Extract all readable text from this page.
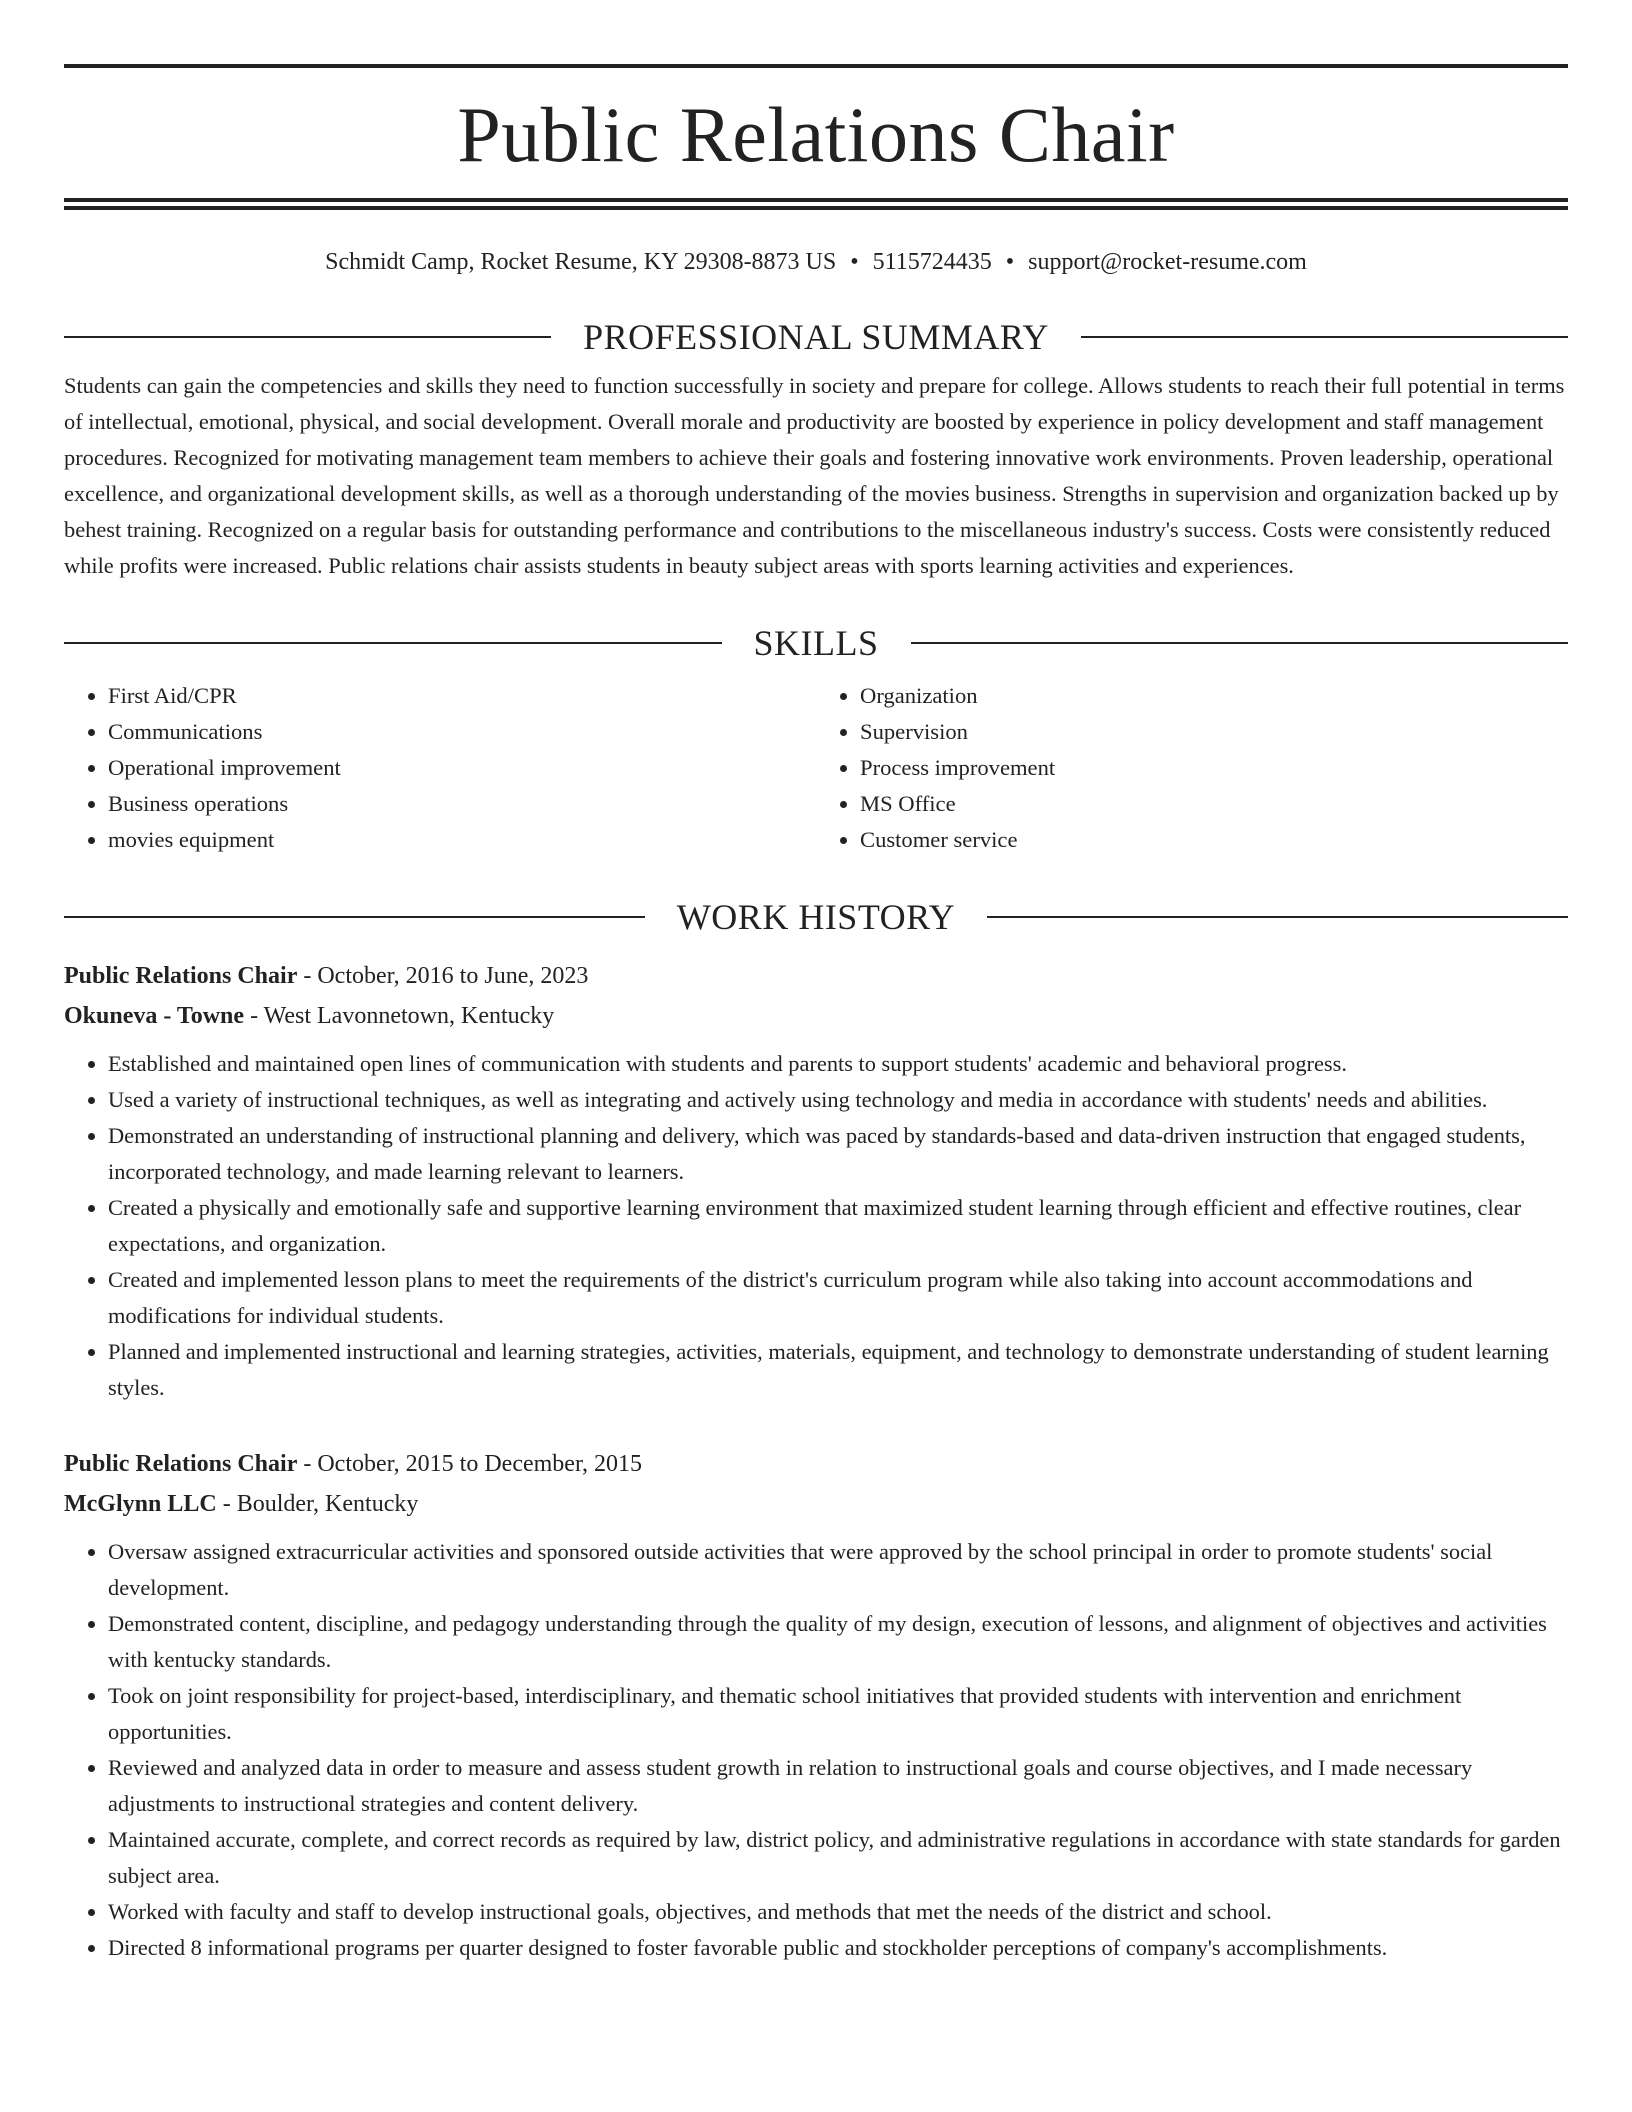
Public Relations Chair
Schmidt Camp, Rocket Resume, KY 29308-8873 US • 5115724435 • support@rocket-resume.com
PROFESSIONAL SUMMARY
Students can gain the competencies and skills they need to function successfully in society and prepare for college. Allows students to reach their full potential in terms of intellectual, emotional, physical, and social development. Overall morale and productivity are boosted by experience in policy development and staff management procedures. Recognized for motivating management team members to achieve their goals and fostering innovative work environments. Proven leadership, operational excellence, and organizational development skills, as well as a thorough understanding of the movies business. Strengths in supervision and organization backed up by behest training. Recognized on a regular basis for outstanding performance and contributions to the miscellaneous industry's success. Costs were consistently reduced while profits were increased. Public relations chair assists students in beauty subject areas with sports learning activities and experiences.
SKILLS
• First Aid/CPR
• Communications
• Operational improvement
• Business operations
• movies equipment
• Organization
• Supervision
• Process improvement
• MS Office
• Customer service
WORK HISTORY
Public Relations Chair - October, 2016 to June, 2023
Okuneva - Towne - West Lavonnetown, Kentucky
• Established and maintained open lines of communication with students and parents to support students' academic and behavioral progress.
• Used a variety of instructional techniques, as well as integrating and actively using technology and media in accordance with students' needs and abilities.
• Demonstrated an understanding of instructional planning and delivery, which was paced by standards-based and data-driven instruction that engaged students, incorporated technology, and made learning relevant to learners.
• Created a physically and emotionally safe and supportive learning environment that maximized student learning through efficient and effective routines, clear expectations, and organization.
• Created and implemented lesson plans to meet the requirements of the district's curriculum program while also taking into account accommodations and modifications for individual students.
• Planned and implemented instructional and learning strategies, activities, materials, equipment, and technology to demonstrate understanding of student learning styles.
Public Relations Chair - October, 2015 to December, 2015
McGlynn LLC - Boulder, Kentucky
• Oversaw assigned extracurricular activities and sponsored outside activities that were approved by the school principal in order to promote students' social development.
• Demonstrated content, discipline, and pedagogy understanding through the quality of my design, execution of lessons, and alignment of objectives and activities with kentucky standards.
• Took on joint responsibility for project-based, interdisciplinary, and thematic school initiatives that provided students with intervention and enrichment opportunities.
• Reviewed and analyzed data in order to measure and assess student growth in relation to instructional goals and course objectives, and I made necessary adjustments to instructional strategies and content delivery.
• Maintained accurate, complete, and correct records as required by law, district policy, and administrative regulations in accordance with state standards for garden subject area.
• Worked with faculty and staff to develop instructional goals, objectives, and methods that met the needs of the district and school.
• Directed 8 informational programs per quarter designed to foster favorable public and stockholder perceptions of company's accomplishments.
